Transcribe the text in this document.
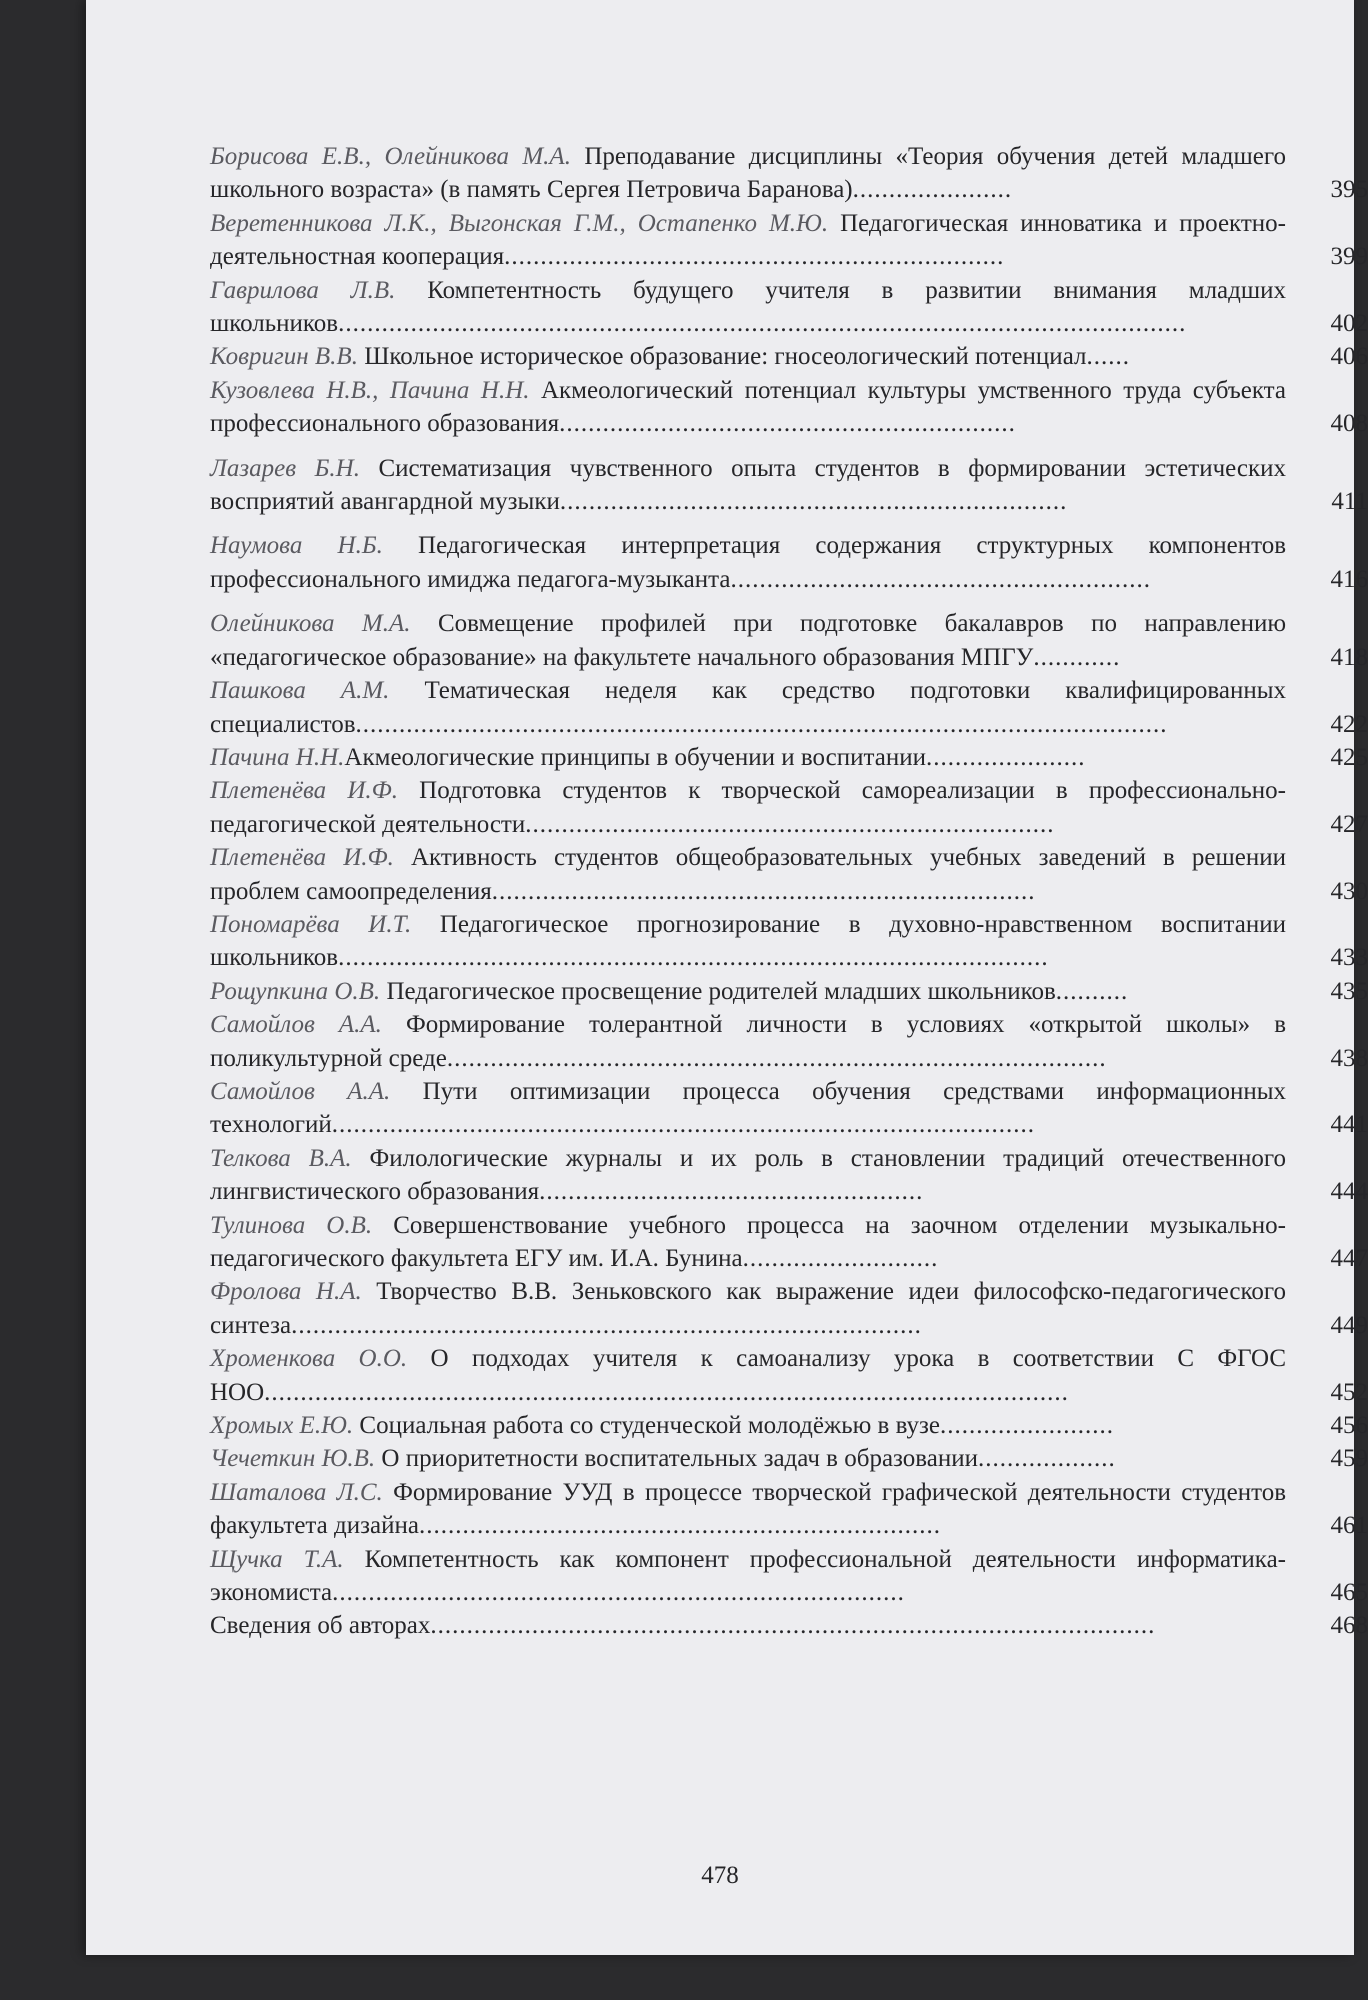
Борисова Е.В., Олейникова М.А. Преподавание дисциплины «Теория обучения детей младшего школьного возраста» (в память Сергея Петровича Баранова)......................	395
Веретенникова Л.К., Выгонская Г.М., Остапенко М.Ю. Педагогическая инноватика и проектно-деятельностная кооперация.....................................................................	399
Гаврилова Л.В. Компетентность будущего учителя в развитии внимания младших школьников.....................................................................................................................	402
Ковригин В.В. Школьное историческое образование: гносеологический потенциал......	406
Кузовлева Н.В., Пачина Н.Н. Акмеологический потенциал культуры умственного труда субъекта профессионального образования...............................................................	408
Лазарев Б.Н. Систематизация чувственного опыта студентов в формировании эстетических восприятий авангардной музыки......................................................................	411
Наумова Н.Б. Педагогическая интерпретация содержания структурных компонентов профессионального имиджа педагога-музыканта..........................................................	416
Олейникова М.А. Совмещение профилей при подготовке бакалавров по направлению «педагогическое образование» на факультете начального образования МПГУ............	418
Пашкова А.М. Тематическая неделя как средство подготовки квалифицированных специалистов................................................................................................................	422
Пачина Н.Н.Акмеологические принципы в обучении и воспитании......................	425
Плетенёва И.Ф. Подготовка студентов к творческой самореализации в профессионально-педагогической деятельности.........................................................................	427
Плетенёва И.Ф. Активность студентов общеобразовательных учебных заведений в решении проблем самоопределения...........................................................................	430
Пономарёва И.Т. Педагогическое прогнозирование в духовно-нравственном воспитании школьников..................................................................................................	433
Рощупкина О.В. Педагогическое просвещение родителей младших школьников..........	435
Самойлов А.А. Формирование толерантной личности в условиях «открытой школы» в поликультурной среде...........................................................................................	438
Самойлов А.А. Пути оптимизации процесса обучения средствами информационных технологий.................................................................................................	441
Телкова В.А. Филологические журналы и их роль в становлении традиций отечественного лингвистического образования.....................................................	444
Тулинова О.В. Совершенствование учебного процесса на заочном отделении музыкально-педагогического факультета ЕГУ им. И.А. Бунина...........................	447
Фролова Н.А. Творчество В.В. Зеньковского как выражение идеи философско-педагогического синтеза.......................................................................................	449
Хроменкова О.О. О подходах учителя к самоанализу урока в соответствии С ФГОС НОО...............................................................................................................	452
Хромых Е.Ю. Социальная работа со студенческой молодёжью в вузе........................	456
Чечеткин Ю.В. О приоритетности воспитательных задач в образовании...................	459
Шаталова Л.С. Формирование УУД в процессе творческой графической деятельности студентов факультета дизайна........................................................................	461
Щучка Т.А. Компетентность как компонент профессиональной деятельности информатика-экономиста...............................................................................	465
Сведения об авторах....................................................................................................	468
478
